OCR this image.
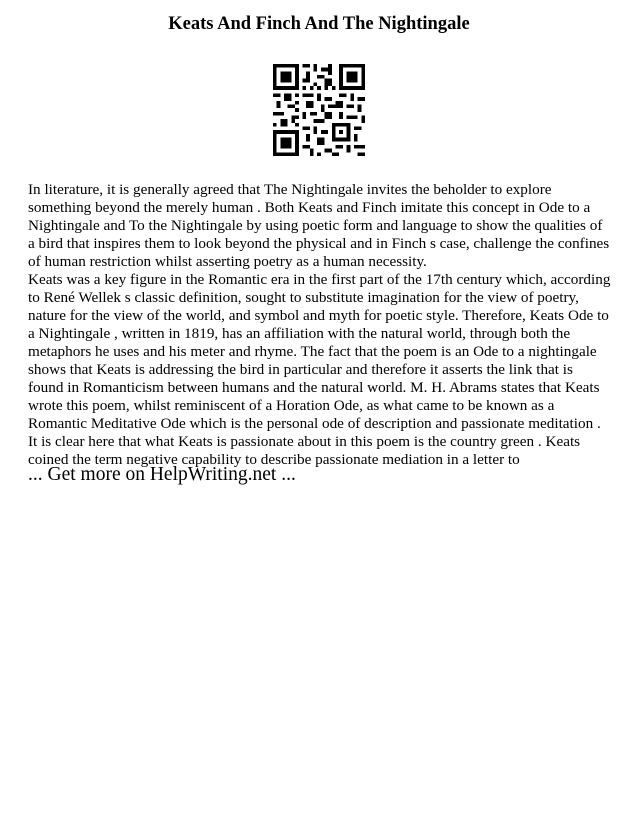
Keats And Finch And The Nightingale

In literature, it is generally agreed that The Nightingale invites the beholder to explore something beyond the merely human . Both Keats and Finch imitate this concept in Ode to a Nightingale and To the Nightingale by using poetic form and language to show the qualities of a bird that inspires them to look beyond the physical and in Finch s case, challenge the confines of human restriction whilst asserting poetry as a human necessity.

Keats was a key figure in the Romantic era in the first part of the 17th century which, according to René Wellek s classic definition, sought to substitute imagination for the view of poetry, nature for the view of the world, and symbol and myth for poetic style. Therefore, Keats Ode to a Nightingale , written in 1819, has an affiliation with the natural world, through both the metaphors he uses and his meter and rhyme. The fact that the poem is an Ode to a nightingale shows that Keats is addressing the bird in particular and therefore it asserts the link that is found in Romanticism between humans and the natural world. M. H. Abrams states that Keats wrote this poem, whilst reminiscent of a Horation Ode, as what came to be known as a Romantic Meditative Ode which is the personal ode of description and passionate meditation . It is clear here that what Keats is passionate about in this poem is the country green . Keats coined the term negative capability to describe passionate mediation in a letter to

... Get more on HelpWriting.net ...
